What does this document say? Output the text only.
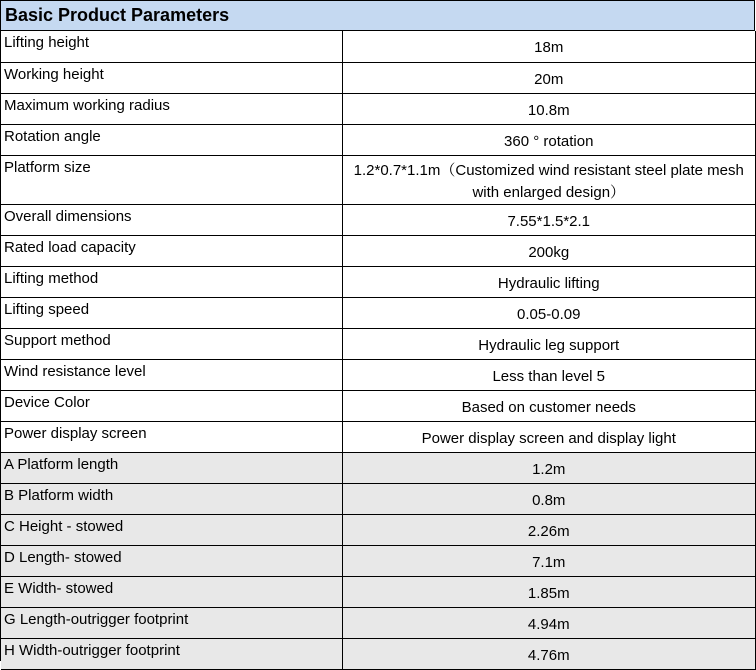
Basic Product Parameters
Lifting height	18m
Working height	20m
Maximum working radius	10.8m
Rotation angle	360 ° rotation
Platform size	1.2*0.7*1.1m（Customized wind resistant steel plate mesh with enlarged design）
Overall dimensions	7.55*1.5*2.1
Rated load capacity	200kg
Lifting method	Hydraulic lifting
Lifting speed	0.05-0.09
Support method	Hydraulic leg support
Wind resistance level	Less than level 5
Device Color	Based on customer needs
Power display screen	Power display screen and display light
A Platform length	1.2m
B Platform width	0.8m
C Height - stowed	2.26m
D Length- stowed	7.1m
E Width- stowed	1.85m
G Length-outrigger footprint	4.94m
H Width-outrigger footprint	4.76m
